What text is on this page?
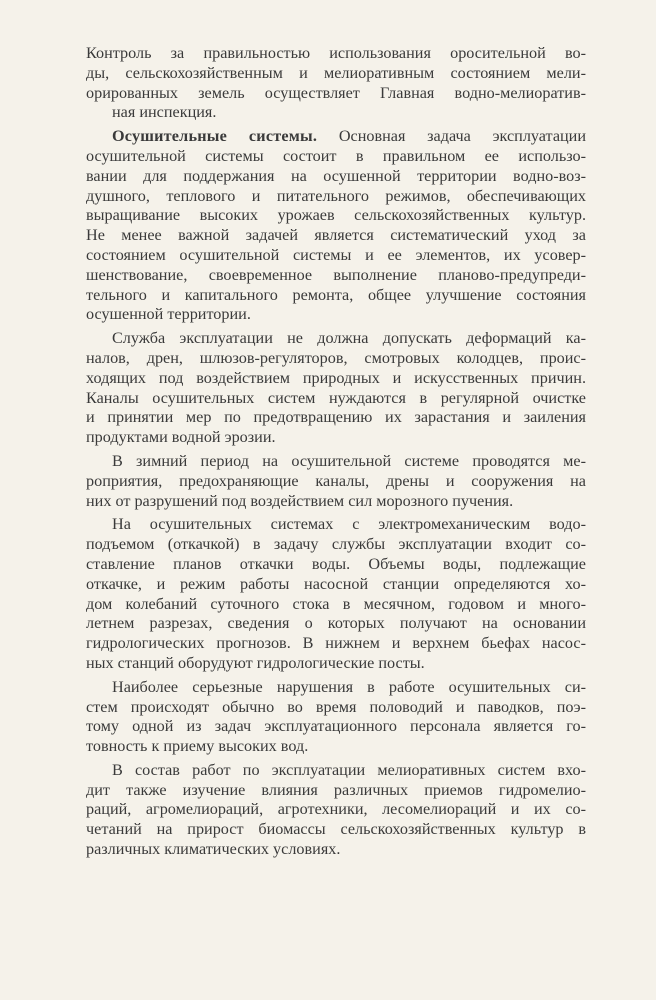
Контроль за правильностью использования оросительной во-
ды, сельскохозяйственным и мелиоративным состоянием мели-
орированных земель осуществляет Главная водно-мелиоратив-
ная инспекция.
Осушительные системы. Основная задача эксплуатации
осушительной системы состоит в правильном ее использо-
вании для поддержания на осушенной территории водно-воз-
душного, теплового и питательного режимов, обеспечивающих
выращивание высоких урожаев сельскохозяйственных культур.
Не менее важной задачей является систематический уход за
состоянием осушительной системы и ее элементов, их усовер-
шенствование, своевременное выполнение планово-предупреди-
тельного и капитального ремонта, общее улучшение состояния
осушенной территории.
Служба эксплуатации не должна допускать деформаций ка-
налов, дрен, шлюзов-регуляторов, смотровых колодцев, проис-
ходящих под воздействием природных и искусственных причин.
Каналы осушительных систем нуждаются в регулярной очистке
и принятии мер по предотвращению их зарастания и заиления
продуктами водной эрозии.
В зимний период на осушительной системе проводятся ме-
роприятия, предохраняющие каналы, дрены и сооружения на
них от разрушений под воздействием сил морозного пучения.
На осушительных системах с электромеханическим водо-
подъемом (откачкой) в задачу службы эксплуатации входит со-
ставление планов откачки воды. Объемы воды, подлежащие
откачке, и режим работы насосной станции определяются хо-
дом колебаний суточного стока в месячном, годовом и много-
летнем разрезах, сведения о которых получают на основании
гидрологических прогнозов. В нижнем и верхнем бьефах насос-
ных станций оборудуют гидрологические посты.
Наиболее серьезные нарушения в работе осушительных си-
стем происходят обычно во время половодий и паводков, поэ-
тому одной из задач эксплуатационного персонала является го-
товность к приему высоких вод.
В состав работ по эксплуатации мелиоративных систем вхо-
дит также изучение влияния различных приемов гидромелио-
раций, агромелиораций, агротехники, лесомелиораций и их со-
четаний на прирост биомассы сельскохозяйственных культур в
различных климатических условиях.
